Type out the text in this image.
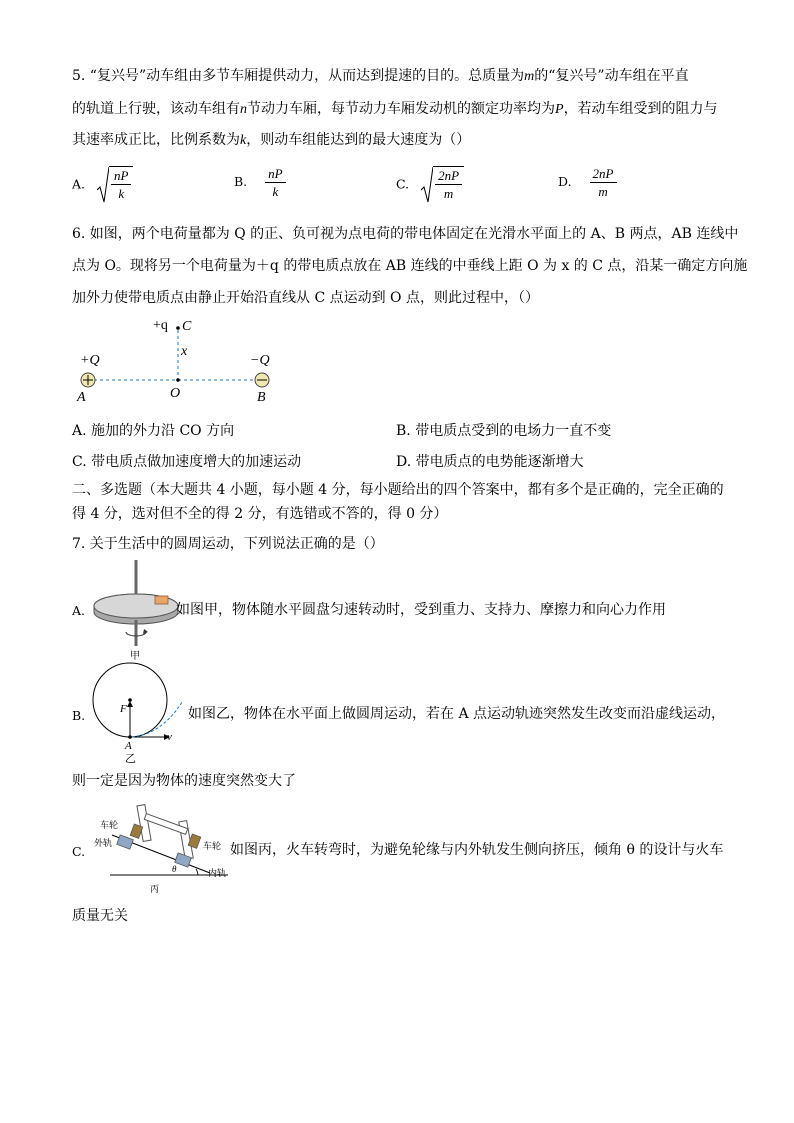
5. “复兴号”动车组由多节车厢提供动力，从而达到提速的目的。总质量为m的“复兴号”动车组在平直
的轨道上行驶，该动车组有n节动力车厢，每节动力车厢发动机的额定功率均为P，若动车组受到的阻力与
其速率成正比，比例系数为k，则动车组能达到的最大速度为（）
A. $\frac{nP}{k}$	B. $\frac{nP}{k}$	C. $\frac{2nP}{m}$	D. $\frac{2nP}{m}$
6. 如图，两个电荷量都为 Q 的正、负可视为点电荷的带电体固定在光滑水平面上的 A、B 两点，AB 连线中
点为 O。现将另一个电荷量为＋q 的带电质点放在 AB 连线的中垂线上距 O 为 x 的 C 点，沿某一确定方向施
加外力使带电质点由静止开始沿直线从 C 点运动到 O 点，则此过程中，（）
+q C
x
+Q	−Q
A	O	B
A. 施加的外力沿 CO 方向	B. 带电质点受到的电场力一直不变
C. 带电质点做加速度增大的加速运动	D. 带电质点的电势能逐渐增大
二、多选题（本大题共 4 小题，每小题 4 分，每小题给出的四个答案中，都有多个是正确的，完全正确的
得 4 分，选对但不全的得 2 分，有选错或不答的，得 0 分）
7. 关于生活中的圆周运动，下列说法正确的是（）
A.
甲
如图甲，物体随水平圆盘匀速转动时，受到重力、支持力、摩擦力和向心力作用
B.	F
A
v
乙
如图乙，物体在水平面上做圆周运动，若在 A 点运动轨迹突然发生改变而沿虚线运动，
则一定是因为物体的速度突然变大了
C.
车轮
外轨	车轮
内轨
θ
丙
如图丙，火车转弯时，为避免轮缘与内外轨发生侧向挤压，倾角 θ 的设计与火车
质量无关
